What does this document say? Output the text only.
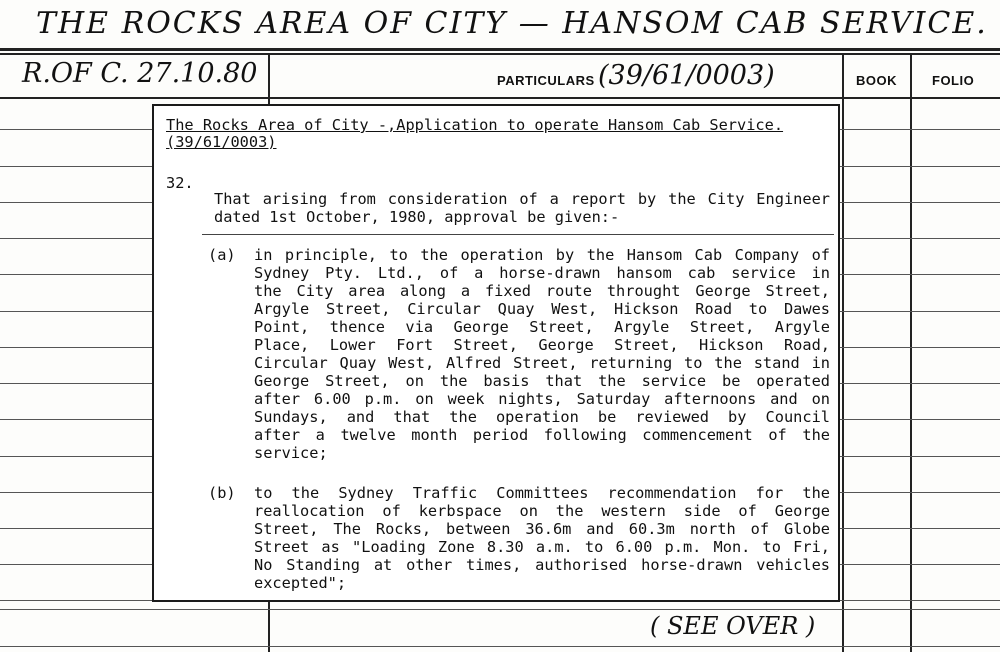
THE ROCKS AREA OF CITY — HANSOM CAB SERVICE.
R.OF C. 27.10.80	PARTICULARS (39/61/0003)	BOOK	FOLIO
The Rocks Area of City -,Application to operate Hansom Cab Service.
(39/61/0003)
32.
That arising from consideration of a report by the City Engineer
dated 1st October, 1980, approval be given:-
(a) in principle, to the operation by the Hansom Cab Company of
Sydney Pty. Ltd., of a horse-drawn hansom cab service in
the City area along a fixed route throught George Street,
Argyle Street, Circular Quay West, Hickson Road to Dawes
Point, thence via George Street, Argyle Street, Argyle
Place, Lower Fort Street, George Street, Hickson Road,
Circular Quay West, Alfred Street, returning to the stand in
George Street, on the basis that the service be operated
after 6.00 p.m. on week nights, Saturday afternoons and on
Sundays, and that the operation be reviewed by Council
after a twelve month period following commencement of the
service;
(b) to the Sydney Traffic Committees recommendation for the
reallocation of kerbspace on the western side of George
Street, The Rocks, between 36.6m and 60.3m north of Globe
Street as "Loading Zone 8.30 a.m. to 6.00 p.m. Mon. to Fri,
No Standing at other times, authorised horse-drawn vehicles
excepted";
( SEE OVER )
